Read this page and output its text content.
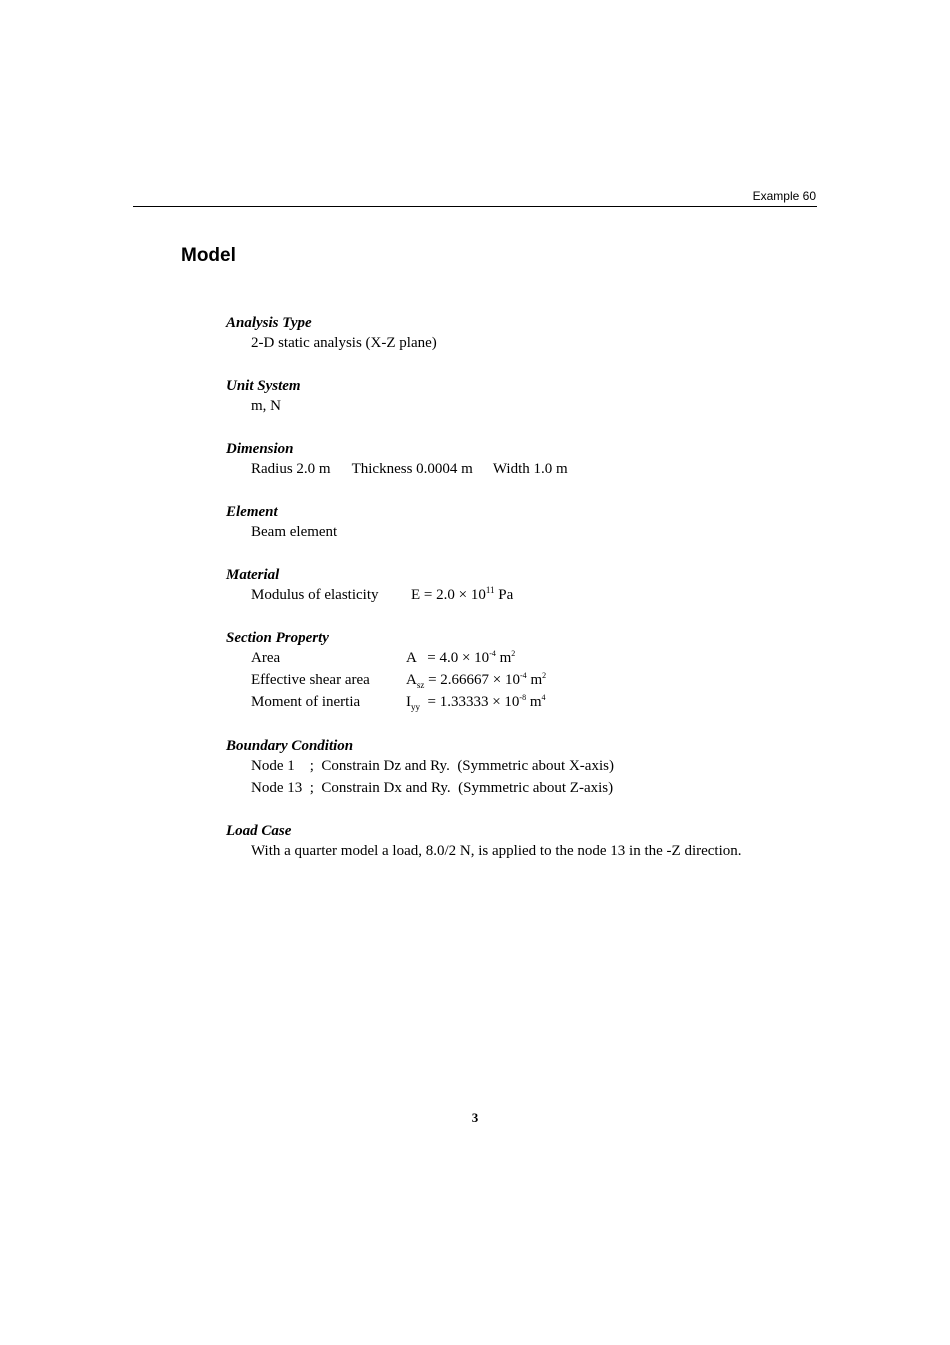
Example 60
Model
Analysis Type
2-D static analysis (X-Z plane)
Unit System
m, N
Dimension
Radius 2.0 m Thickness 0.0004 m Width 1.0 m
Element
Beam element
Material
Modulus of elasticity $E = 2.0 \times 10^{11}$ Pa
Section Property
Area	$A = 4.0 \times 10^{-4}$ $m^2$
Effective shear area $A_{sz} = 2.66667 \times 10^{-4}$ $m^2$
Moment of inertia	$I_{yy} = 1.33333 \times 10^{-8}$ $m^4$
Boundary Condition
Node 1    ;  Constrain Dz and Ry.  (Symmetric about X-axis)
Node 13  ;  Constrain Dx and Ry.  (Symmetric about Z-axis)
Load Case
With a quarter model a load, 8.0/2 N, is applied to the node 13 in the -Z direction.
3
